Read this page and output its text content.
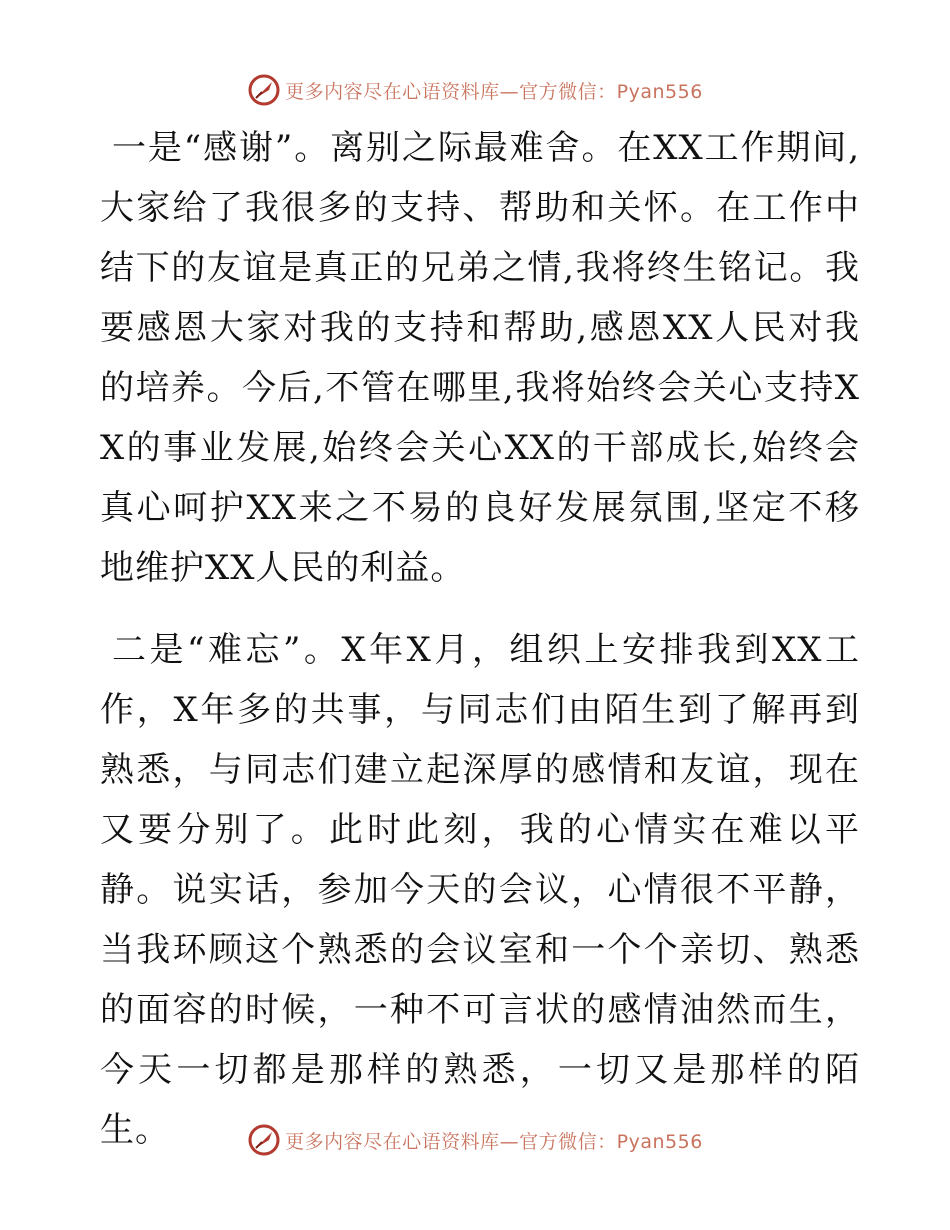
更多内容尽在心语资料库—官方微信：Pyan556

一是“感谢”。离别之际最难舍。在XX工作期间,大家给了我很多的支持、帮助和关怀。在工作中结下的友谊是真正的兄弟之情,我将终生铭记。我要感恩大家对我的支持和帮助,感恩XX人民对我的培养。今后,不管在哪里,我将始终会关心支持XX的事业发展,始终会关心XX的干部成长,始终会真心呵护XX来之不易的良好发展氛围,坚定不移地维护XX人民的利益。

二是“难忘”。X年X月，组织上安排我到XX工作，X年多的共事，与同志们由陌生到了解再到熟悉，与同志们建立起深厚的感情和友谊，现在又要分别了。此时此刻，我的心情实在难以平静。说实话，参加今天的会议，心情很不平静，当我环顾这个熟悉的会议室和一个个亲切、熟悉的面容的时候，一种不可言状的感情油然而生，今天一切都是那样的熟悉，一切又是那样的陌生。	更多内容尽在心语资料库—官方微信：Pyan556
